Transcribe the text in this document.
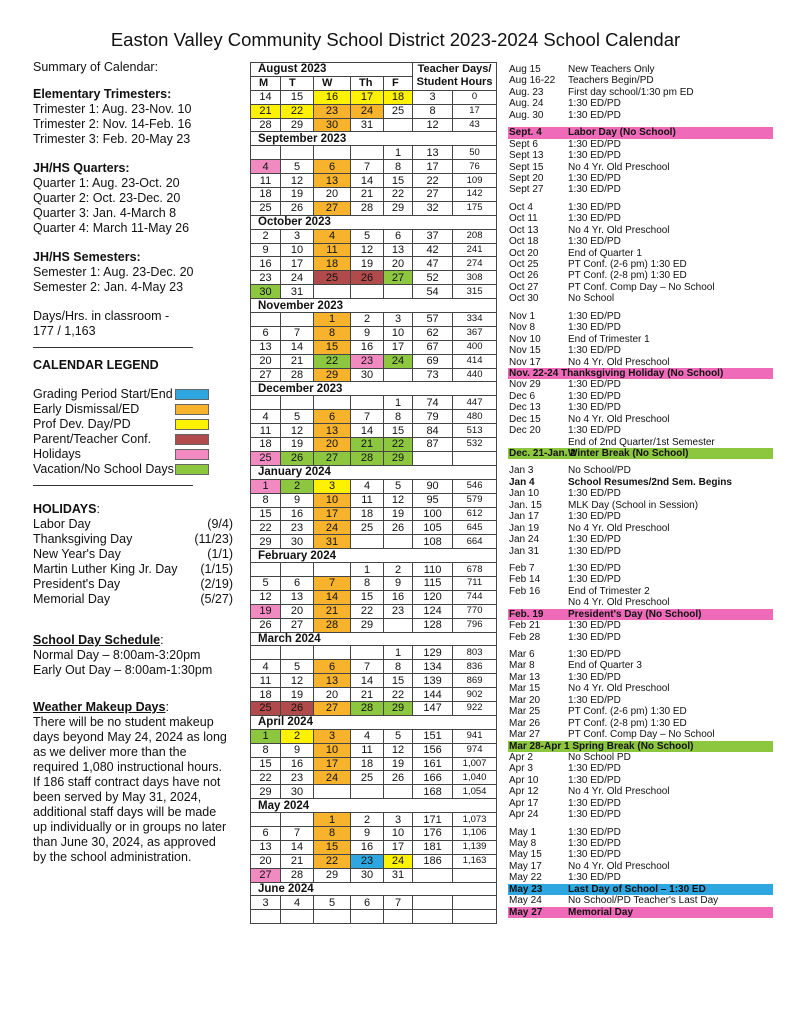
Easton Valley Community School District 2023-2024 School Calendar
Summary of Calendar:
Elementary Trimesters:
Trimester 1: Aug. 23-Nov. 10
Trimester 2: Nov. 14-Feb. 16
Trimester 3: Feb. 20-May 23
JH/HS Quarters:
Quarter 1: Aug. 23-Oct. 20
Quarter 2: Oct. 23-Dec. 20
Quarter 3: Jan. 4-March 8
Quarter 4: March 11-May 26
JH/HS Semesters:
Semester 1: Aug. 23-Dec. 20
Semester 2: Jan. 4-May 23
Days/Hrs. in classroom -
177 / 1,163
CALENDAR LEGEND
Grading Period Start/End
Early Dismissal/ED
Prof Dev. Day/PD
Parent/Teacher Conf.
Holidays
Vacation/No School Days
HOLIDAYS:
Labor Day	(9/4)
Thanksgiving Day	(11/23)
New Year's Day	(1/1)
Martin Luther King Jr. Day (1/15)
President's Day	(2/19)
Memorial Day	(5/27)
School Day Schedule:
Normal Day – 8:00am-3:20pm
Early Out Day – 8:00am-1:30pm
Weather Makeup Days:
There will be no student makeup
days beyond May 24, 2024 as long
as we deliver more than the
required 1,080 instructional hours.
If 186 staff contract days have not
been served by May 31, 2024,
additional staff days will be made
up individually or in groups no later
than June 30, 2024, as approved
by the school administration.
August 2023					Teacher Days/
Student Hours	
M	T	W	Th	F		
14	15	16	17	18	3	0
21	22	23	24	25	8	17
28	29	30	31		12	43
September 2023						
				1	13	50
4	5	6	7	8	17	76
11	12	13	14	15	22	109
18	19	20	21	22	27	142
25	26	27	28	29	32	175
October 2023						
2	3	4	5	6	37	208
9	10	11	12	13	42	241
16	17	18	19	20	47	274
23	24	25	26	27	52	308
30	31				54	315
November 2023						
		1	2	3	57	334
6	7	8	9	10	62	367
13	14	15	16	17	67	400
20	21	22	23	24	69	414
27	28	29	30		73	440
December 2023						
				1	74	447
4	5	6	7	8	79	480
11	12	13	14	15	84	513
18	19	20	21	22	87	532
25	26	27	28	29		
January 2024						
1	2	3	4	5	90	546
8	9	10	11	12	95	579
15	16	17	18	19	100	612
22	23	24	25	26	105	645
29	30	31			108	664
February 2024						
			1	2	110	678
5	6	7	8	9	115	711
12	13	14	15	16	120	744
19	20	21	22	23	124	770
26	27	28	29		128	796
March 2024						
				1	129	803
4	5	6	7	8	134	836
11	12	13	14	15	139	869
18	19	20	21	22	144	902
25	26	27	28	29	147	922
April 2024						
1	2	3	4	5	151	941
8	9	10	11	12	156	974
15	16	17	18	19	161	1,007
22	23	24	25	26	166	1,040
29	30				168	1,054
May 2024						
		1	2	3	171	1,073
6	7	8	9	10	176	1,106
13	14	15	16	17	181	1,139
20	21	22	23	24	186	1,163
27	28	29	30	31		
June 2024						
3	4	5	6	7		

Aug 15	New Teachers Only
Aug 16-22	Teachers Begin/PD
Aug. 23	First day school/1:30 pm ED
Aug. 24	1:30 ED/PD
Aug. 30	1:30 ED/PD
Sept. 4	Labor Day (No School)
Sept 6	1:30 ED/PD
Sept 13	1:30 ED/PD
Sept 15	No 4 Yr. Old Preschool
Sept 20	1:30 ED/PD
Sept 27	1:30 ED/PD
Oct 4	1:30 ED/PD
Oct 11	1:30 ED/PD
Oct 13	No 4 Yr. Old Preschool
Oct 18	1:30 ED/PD
Oct 20	End of Quarter 1
Oct 25	PT Conf. (2-6 pm) 1:30 ED
Oct 26	PT Conf. (2-8 pm) 1:30 ED
Oct 27	PT Conf. Comp Day – No School
Oct 30	No School
Nov 1	1:30 ED/PD
Nov 8	1:30 ED/PD
Nov 10	End of Trimester 1
Nov 15	1:30 ED/PD
Nov 17	No 4 Yr. Old Preschool
Nov. 22-24 Thanksgiving Holiday (No School)
Nov 29	1:30 ED/PD
Dec 6	1:30 ED/PD
Dec 13	1:30 ED/PD
Dec 15	No 4 Yr. Old Preschool
Dec 20	1:30 ED/PD
End of 2nd Quarter/1st Semester
Dec. 21-Jan. 2
Winter Break (No School)
Jan 3	No School/PD
Jan 4	School Resumes/2nd Sem. Begins
Jan 10	1:30 ED/PD
Jan. 15	MLK Day (School in Session)
Jan 17	1:30 ED/PD
Jan 19	No 4 Yr. Old Preschool
Jan 24	1:30 ED/PD
Jan 31	1:30 ED/PD
Feb 7	1:30 ED/PD
Feb 14	1:30 ED/PD
Feb 16	End of Trimester 2
No 4 Yr. Old Preschool
Feb. 19	President's Day (No School)
Feb 21	1:30 ED/PD
Feb 28	1:30 ED/PD
Mar 6	1:30 ED/PD
Mar 8	End of Quarter 3
Mar 13	1:30 ED/PD
Mar 15	No 4 Yr. Old Preschool
Mar 20	1:30 ED/PD
Mar 25	PT Conf. (2-6 pm) 1:30 ED
Mar 26	PT Conf. (2-8 pm) 1:30 ED
Mar 27	PT Conf. Comp Day – No School
Mar 28-Apr 1 Spring Break (No School)
Apr 2	No School PD
Apr 3	1:30 ED/PD
Apr 10	1:30 ED/PD
Apr 12	No 4 Yr. Old Preschool
Apr 17	1:30 ED/PD
Apr 24	1:30 ED/PD
May 1	1:30 ED/PD
May 8	1:30 ED/PD
May 15	1:30 ED/PD
May 17	No 4 Yr. Old Preschool
May 22	1:30 ED/PD
May 23	Last Day of School – 1:30 ED
May 24	No School/PD Teacher's Last Day
May 27	Memorial Day
